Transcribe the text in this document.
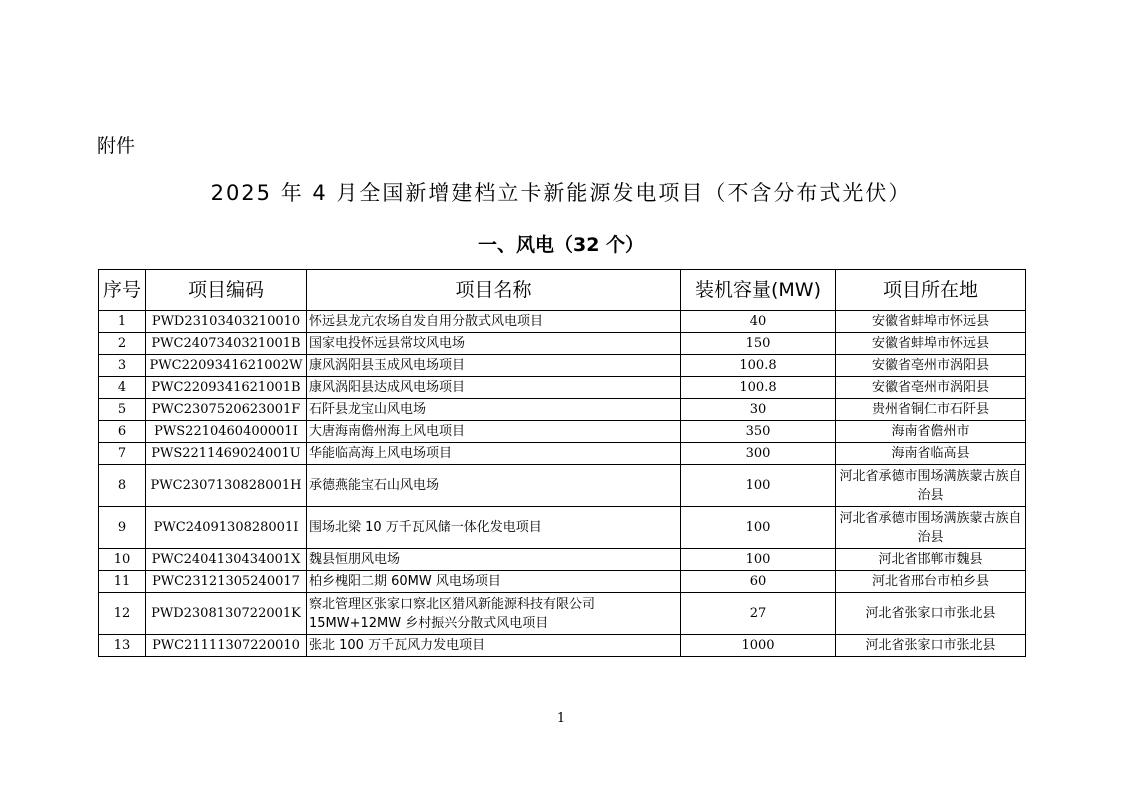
附件
2025 年 4 月全国新增建档立卡新能源发电项目（不含分布式光伏）
一、风电（32 个）
序号	项目编码	项目名称	装机容量(MW)	项目所在地
1	PWD23103403210010	怀远县龙亢农场自发自用分散式风电项目	40	安徽省蚌埠市怀远县
2	PWC2407340321001B	国家电投怀远县常坟风电场	150	安徽省蚌埠市怀远县
3	PWC2209341621002W	康风涡阳县玉成风电场项目	100.8	安徽省亳州市涡阳县
4	PWC2209341621001B	康风涡阳县达成风电场项目	100.8	安徽省亳州市涡阳县
5	PWC2307520623001F	石阡县龙宝山风电场	30	贵州省铜仁市石阡县
6	PWS2210460400001I	大唐海南儋州海上风电项目	350	海南省儋州市
7	PWS2211469024001U	华能临高海上风电场项目	300	海南省临高县
8	PWC2307130828001H	承德燕能宝石山风电场	100	河北省承德市围场满族蒙古族自治县
9	PWC2409130828001I	围场北梁 10 万千瓦风储一体化发电项目	100	河北省承德市围场满族蒙古族自治县
10	PWC2404130434001X	魏县恒朋风电场	100	河北省邯郸市魏县
11	PWC23121305240017	柏乡槐阳二期 60MW 风电场项目	60	河北省邢台市柏乡县
12	PWD2308130722001K	察北管理区张家口察北区猎风新能源科技有限公司 15MW+12MW 乡村振兴分散式风电项目	27	河北省张家口市张北县
13	PWC21111307220010	张北 100 万千瓦风力发电项目	1000	河北省张家口市张北县
1
